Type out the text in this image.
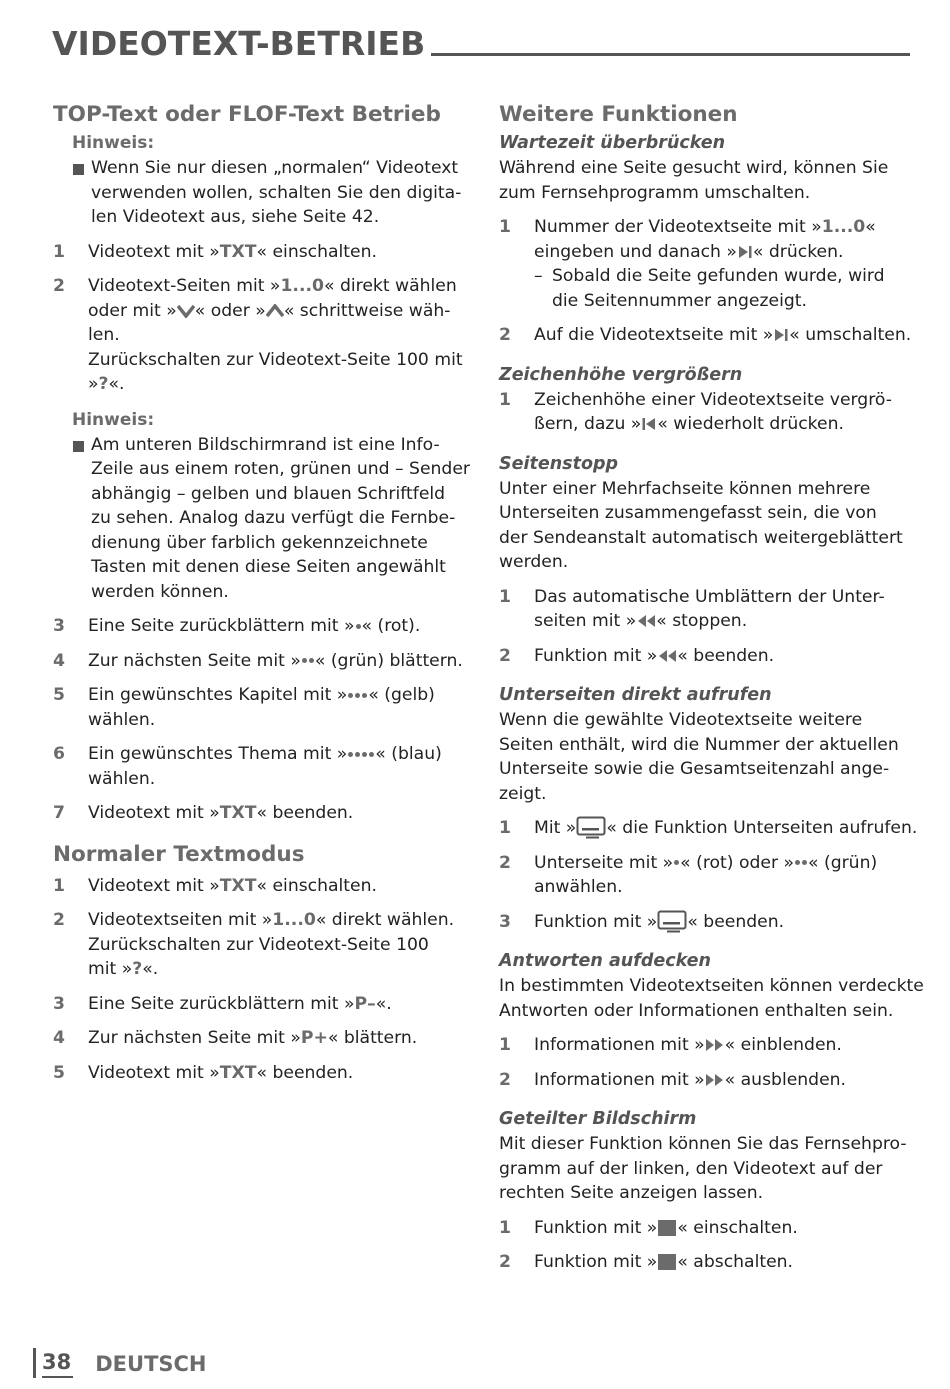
VIDEOTEXT-BETRIEB
TOP-Text oder FLOF-Text Betrieb
Hinweis:
Wenn Sie nur diesen „normalen“ Videotext
verwenden wollen, schalten Sie den digita-
len Videotext aus, siehe Seite 42.
1 Videotext mit »TXT« einschalten.
2 Videotext-Seiten mit »1...0« direkt wählen
oder mit » « oder » « schrittweise wäh-
len.
Zurückschalten zur Videotext-Seite 100 mit
»?«.
Hinweis:
Am unteren Bildschirmrand ist eine Info-
Zeile aus einem roten, grünen und – Sender
abhängig – gelben und blauen Schriftfeld
zu sehen. Analog dazu verfügt die Fernbe-
dienung über farblich gekennzeichnete
Tasten mit denen diese Seiten angewählt
werden können.
3 Eine Seite zurückblättern mit » « (rot).
4 Zur nächsten Seite mit » « (grün) blättern.
5 Ein gewünschtes Kapitel mit » « (gelb)
wählen.
6 Ein gewünschtes Thema mit » « (blau)
wählen.
7 Videotext mit »TXT« beenden.
Normaler Textmodus
1 Videotext mit »TXT« einschalten.
2 Videotextseiten mit »1...0« direkt wählen.
Zurückschalten zur Videotext-Seite 100
mit »?«.
3 Eine Seite zurückblättern mit »P–«.
4 Zur nächsten Seite mit »P+« blättern.
5 Videotext mit »TXT« beenden.
Weitere Funktionen
Wartezeit überbrücken
Während eine Seite gesucht wird, können Sie
zum Fernsehprogramm umschalten.
1 Nummer der Videotextseite mit »1...0«
eingeben und danach » « drücken.
– Sobald die Seite gefunden wurde, wird
die Seitennummer angezeigt.
2 Auf die Videotextseite mit » « umschalten.
Zeichenhöhe vergrößern
1 Zeichenhöhe einer Videotextseite vergrö-
ßern, dazu » « wiederholt drücken.
Seitenstopp
Unter einer Mehrfachseite können mehrere
Unterseiten zusammengefasst sein, die von
der Sendeanstalt automatisch weitergeblättert
werden.
1 Das automatische Umblättern der Unter-
seiten mit » « stoppen.
2 Funktion mit » « beenden.
Unterseiten direkt aufrufen
Wenn die gewählte Videotextseite weitere
Seiten enthält, wird die Nummer der aktuellen
Unterseite sowie die Gesamtseitenzahl ange-
zeigt.
1 Mit » « die Funktion Unterseiten aufrufen.
2 Unterseite mit » « (rot) oder » « (grün)
anwählen.
3 Funktion mit » « beenden.
Antworten aufdecken
In bestimmten Videotextseiten können verdeckte
Antworten oder Informationen enthalten sein.
1 Informationen mit » « einblenden.
2 Informationen mit » « ausblenden.
Geteilter Bildschirm
Mit dieser Funktion können Sie das Fernsehpro-
gramm auf der linken, den Videotext auf der
rechten Seite anzeigen lassen.
1 Funktion mit » « einschalten.
2 Funktion mit » « abschalten.
38 DEUTSCH
